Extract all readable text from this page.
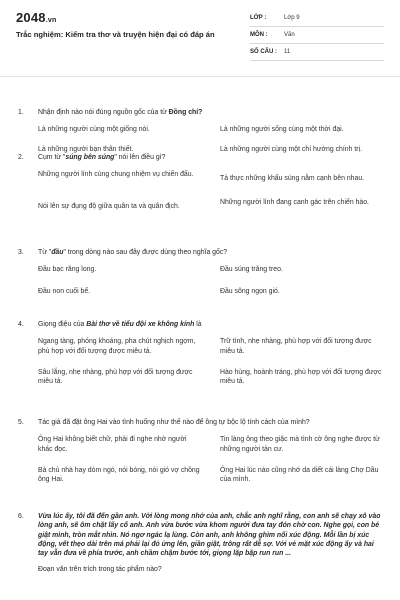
2048.vn
Trắc nghiệm: Kiểm tra thơ và truyện hiện đại có đáp án
LỚP :	Lớp 9
MÔN :	Văn
SỐ CÂU :	11
1.	Nhận định nào nói đúng nguồn gốc của từ Đồng chí?
Là những người cùng một giống nòi.	Là những người sống cùng một thời đại.
Là những người bạn thân thiết.	Là những người cùng một chí hướng chính trị.
2.	Cụm từ "súng bên súng" nói lên điều gì?
Những người lính cùng chung nhiệm vụ chiến đấu.
Tả thực những khẩu súng nằm cạnh bên nhau.
Nói lên sự đụng độ giữa quân ta và quân địch.
Những người lính đang canh gác trên chiến hào.
3.	Từ "đầu" trong dòng nào sau đây được dùng theo nghĩa gốc?
Đầu bạc răng long.	Đầu súng trăng treo.
Đầu non cuối bể.	Đầu sông ngọn gió.
4.	Giọng điệu của Bài thơ về tiểu đội xe không kính là
Ngang tàng, phóng khoáng, pha chút nghịch ngợm, phù hợp với đối tượng được miêu tả.
Trữ tình, nhẹ nhàng, phù hợp với đối tượng được miêu tả.
Sâu lắng, nhẹ nhàng, phù hợp với đối tượng được miêu tả.
Hào hùng, hoành tráng, phù hợp với đối tượng được miêu tả.
5.	Tác giả đã đặt ông Hai vào tình huống như thế nào để ông tự bộc lộ tính cách của mình?
Ông Hai không biết chữ, phải đi nghe nhờ người khác đọc.
Tin làng ông theo giặc mà tình cờ ông nghe được từ những người tản cư.
Bà chủ nhà hay dòm ngó, nói bóng, nói gió vợ chồng ông Hai.
Ông Hai lúc nào cũng nhớ da diết cái làng Chợ Dầu của mình.
6.	Vừa lúc ấy, tôi đã đến gần anh. Với lòng mong nhớ của anh, chắc anh nghĩ rằng, con anh sẽ chạy xô vào lòng anh, sẽ ôm chặt lấy cổ anh. Anh vừa bước vừa khom người đưa tay đón chờ con. Nghe gọi, con bé giật mình, tròn mắt nhìn. Nó ngơ ngác lạ lùng. Còn anh, anh không ghìm nổi xúc động. Mỗi lần bị xúc động, vết thẹo dài trên má phải lại đỏ ửng lên, giần giật, trông rất dễ sợ. Với vẻ mặt xúc động ấy và hai tay vẫn đưa về phía trước, anh chầm chậm bước tới, giọng lặp bặp run run ...
Đoạn văn trên trích trong tác phẩm nào?
